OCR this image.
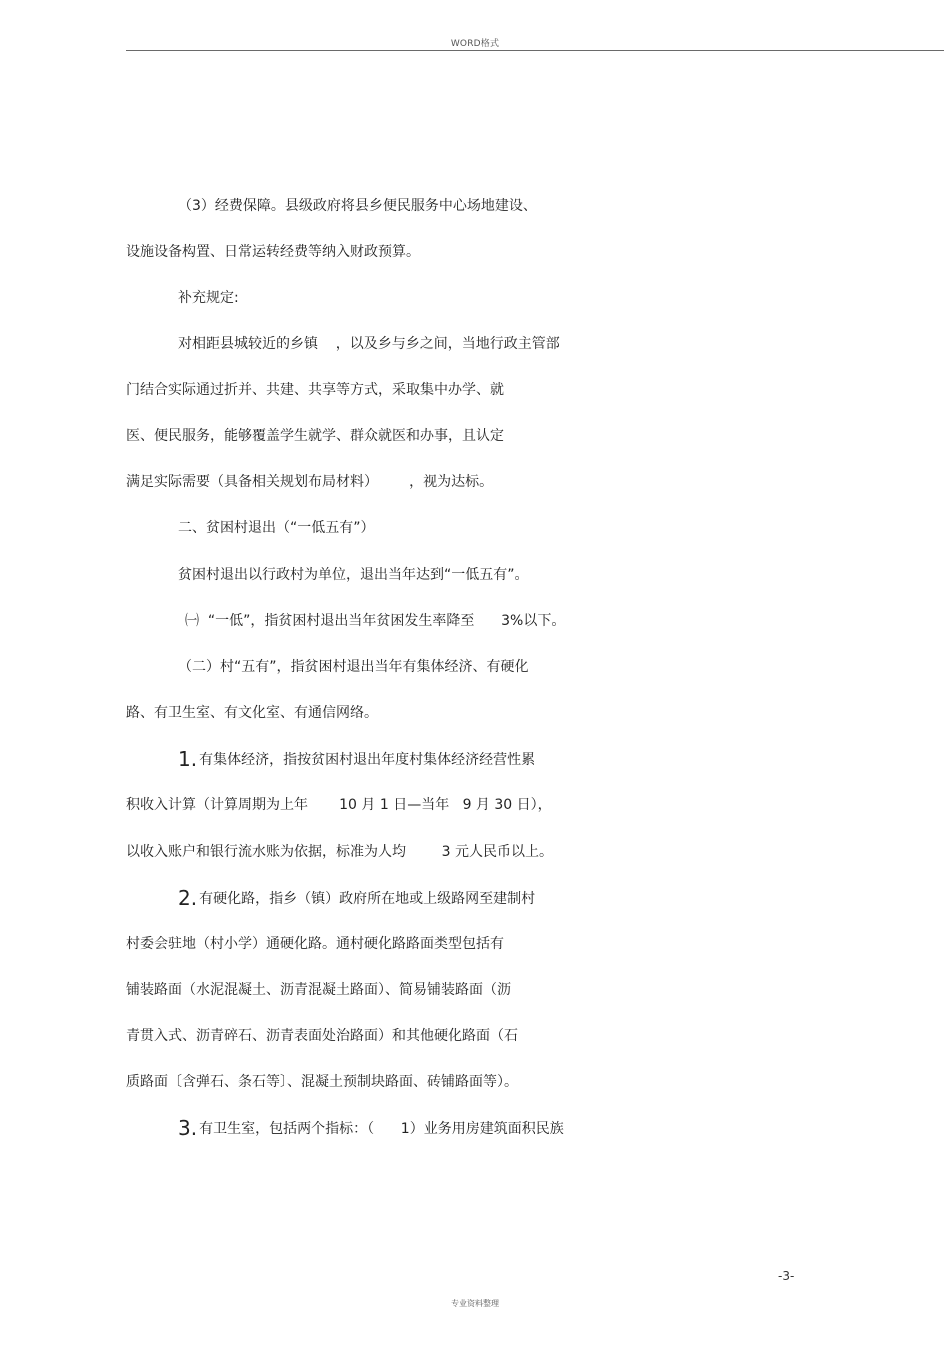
WORD格式
（3）经费保障。县级政府将县乡便民服务中心场地建设、
设施设备构置、日常运转经费等纳入财政预算。
补充规定:
对相距县城较近的乡镇    ，以及乡与乡之间，当地行政主管部
门结合实际通过折并、共建、共享等方式，采取集中办学、就
医、便民服务，能够覆盖学生就学、群众就医和办事，且认定
满足实际需要（具备相关规划布局材料）       ，视为达标。
二、贫困村退出（“一低五有”）
贫困村退出以行政村为单位，退出当年达到“一低五有”。
㈠  “一低”，指贫困村退出当年贫困发生率降至      3%以下。
（二）村“五有”，指贫困村退出当年有集体经济、有硬化
路、有卫生室、有文化室、有通信网络。
1. 有集体经济，指按贫困村退出年度村集体经济经营性累
积收入计算（计算周期为上年       10 月 1 日—当年   9 月 30 日），
以收入账户和银行流水账为依据，标准为人均        3 元人民币以上。
2. 有硬化路，指乡（镇）政府所在地或上级路网至建制村
村委会驻地（村小学）通硬化路。通村硬化路路面类型包括有
铺装路面（水泥混凝土、沥青混凝土路面）、简易铺装路面（沥
青贯入式、沥青碎石、沥青表面处治路面）和其他硬化路面（石
质路面〔含弹石、条石等〕、混凝土预制块路面、砖铺路面等）。
3. 有卫生室，包括两个指标：（      1）业务用房建筑面积民族
-3-
专业资料整理
